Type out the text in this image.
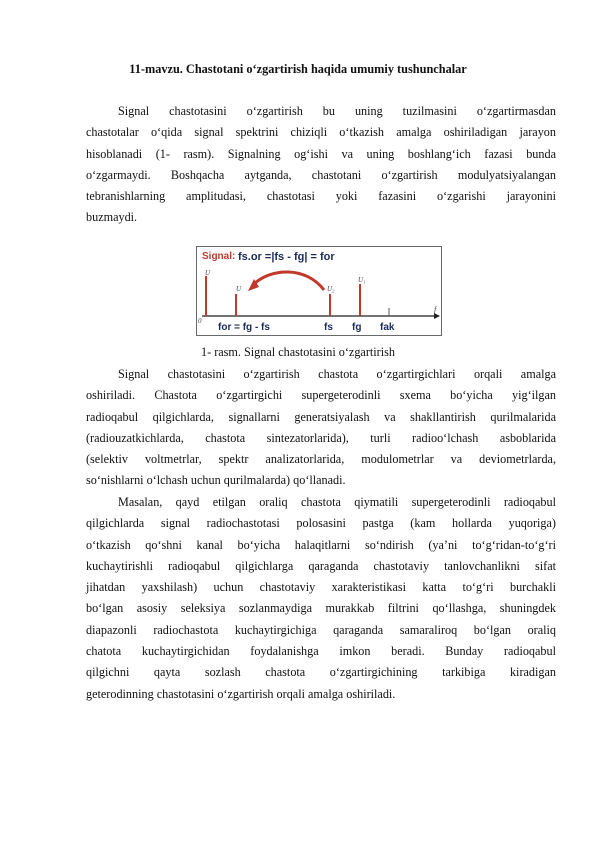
11-mavzu. Chastotani o‘zgartirish haqida umumiy tushunchalar
Signal chastotasini o‘zgartirish bu uning tuzilmasini o‘zgartirmasdan
chastotalar o‘qida signal spektrini chiziqli o‘tkazish amalga oshiriladigan jarayon
hisoblanadi (1- rasm). Signalning og‘ishi va uning boshlang‘ich fazasi bunda
o‘zgarmaydi. Boshqacha aytganda, chastotani o‘zgartirish modulyatsiyalangan
tebranishlarning amplitudasi, chastotasi yoki fazasini o‘zgarishi jarayonini
buzmaydi.
Signal: fs.or =|fs - fg| = for
f
0
U
U	U₂
U₁
for = fg - fs	fs fg fak
1- rasm. Signal chastotasini o‘zgartirish
Signal chastotasini o‘zgartirish chastota o‘zgartirgichlari orqali amalga
oshiriladi. Chastota o‘zgartirgichi supergeterodinli sxema bo‘yicha yig‘ilgan
radioqabul qilgichlarda, signallarni generatsiyalash va shakllantirish qurilmalarida
(radiouzatkichlarda, chastota sintezatorlarida), turli radioo‘lchash asboblarida
(selektiv voltmetrlar, spektr analizatorlarida, modulometrlar va deviometrlarda,
so‘nishlarni o‘lchash uchun qurilmalarda) qo‘llanadi.
Masalan, qayd etilgan oraliq chastota qiymatili supergeterodinli radioqabul
qilgichlarda signal radiochastotasi polosasini pastga (kam hollarda yuqoriga)
o‘tkazish qo‘shni kanal bo‘yicha halaqitlarni so‘ndirish (ya’ni to‘g‘ridan-to‘g‘ri
kuchaytirishli radioqabul qilgichlarga qaraganda chastotaviy tanlovchanlikni sifat
jihatdan yaxshilash) uchun chastotaviy xarakteristikasi katta to‘g‘ri burchakli
bo‘lgan asosiy seleksiya sozlanmaydiga murakkab filtrini qo‘llashga, shuningdek
diapazonli radiochastota kuchaytirgichiga qaraganda samaraliroq bo‘lgan oraliq
chatota kuchaytirgichidan foydalanishga imkon beradi. Bunday radioqabul
qilgichni qayta sozlash chastota o‘zgartirgichining tarkibiga kiradigan
geterodinning chastotasini o‘zgartirish orqali amalga oshiriladi.
